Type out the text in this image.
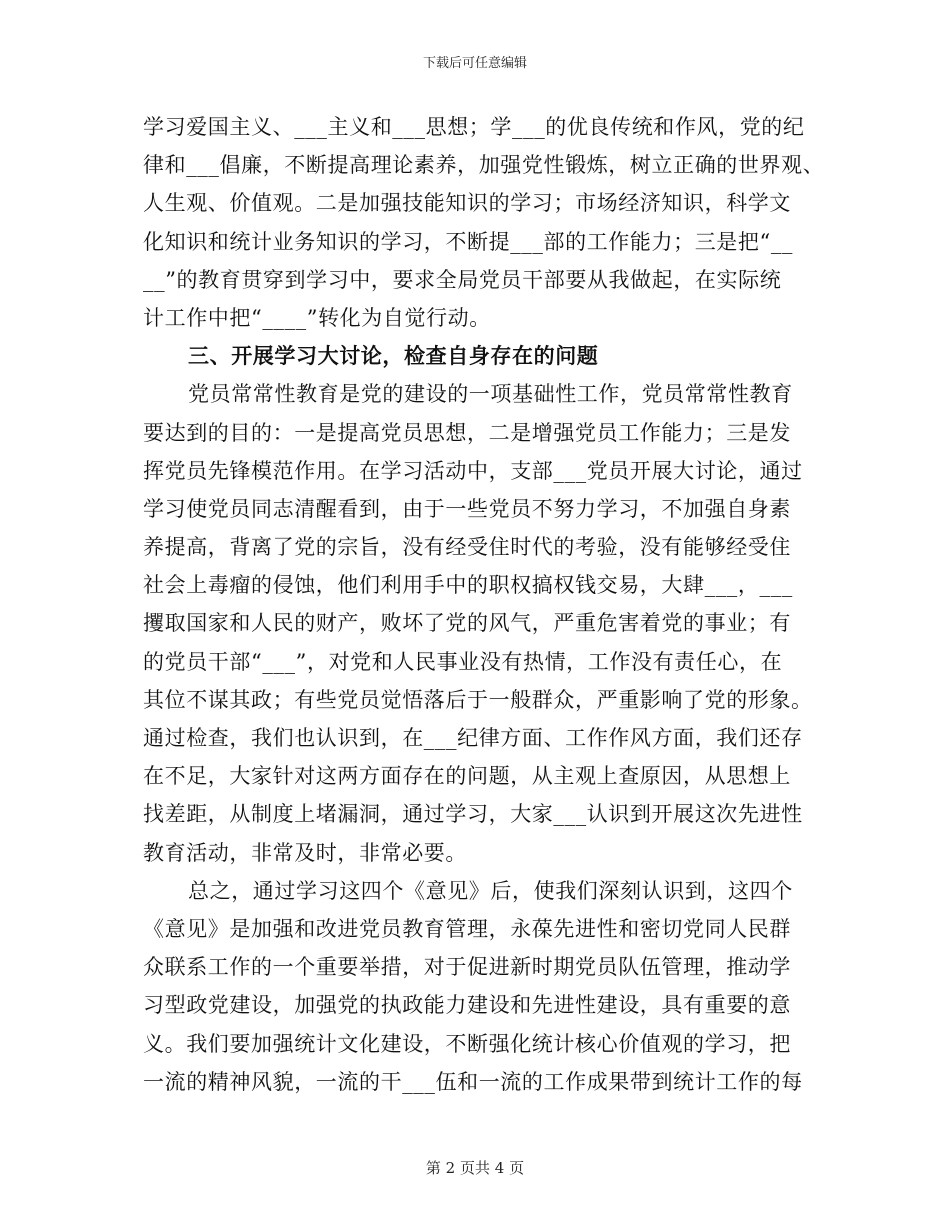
下载后可任意编辑
学习爱国主义、___主义和___思想；学___的优良传统和作风，党的纪
律和___倡廉，不断提高理论素养，加强党性锻炼，树立正确的世界观、
人生观、价值观。二是加强技能知识的学习；市场经济知识，科学文
化知识和统计业务知识的学习，不断提___部的工作能力；三是把“__
__”的教育贯穿到学习中，要求全局党员干部要从我做起，在实际统
计工作中把“____”转化为自觉行动。
三、开展学习大讨论，检查自身存在的问题
党员常常性教育是党的建设的一项基础性工作，党员常常性教育
要达到的目的：一是提高党员思想，二是增强党员工作能力；三是发
挥党员先锋模范作用。在学习活动中，支部___党员开展大讨论，通过
学习使党员同志清醒看到，由于一些党员不努力学习，不加强自身素
养提高，背离了党的宗旨，没有经受住时代的考验，没有能够经受住
社会上毒瘤的侵蚀，他们利用手中的职权搞权钱交易，大肆___，___
攫取国家和人民的财产，败坏了党的风气，严重危害着党的事业；有
的党员干部“___”，对党和人民事业没有热情，工作没有责任心，在
其位不谋其政；有些党员觉悟落后于一般群众，严重影响了党的形象。
通过检查，我们也认识到，在___纪律方面、工作作风方面，我们还存
在不足，大家针对这两方面存在的问题，从主观上查原因，从思想上
找差距，从制度上堵漏洞，通过学习，大家___认识到开展这次先进性
教育活动，非常及时，非常必要。
总之，通过学习这四个《意见》后，使我们深刻认识到，这四个
《意见》是加强和改进党员教育管理，永葆先进性和密切党同人民群
众联系工作的一个重要举措，对于促进新时期党员队伍管理，推动学
习型政党建设，加强党的执政能力建设和先进性建设，具有重要的意
义。我们要加强统计文化建设，不断强化统计核心价值观的学习，把
一流的精神风貌，一流的干___伍和一流的工作成果带到统计工作的每
第 2 页共 4 页
